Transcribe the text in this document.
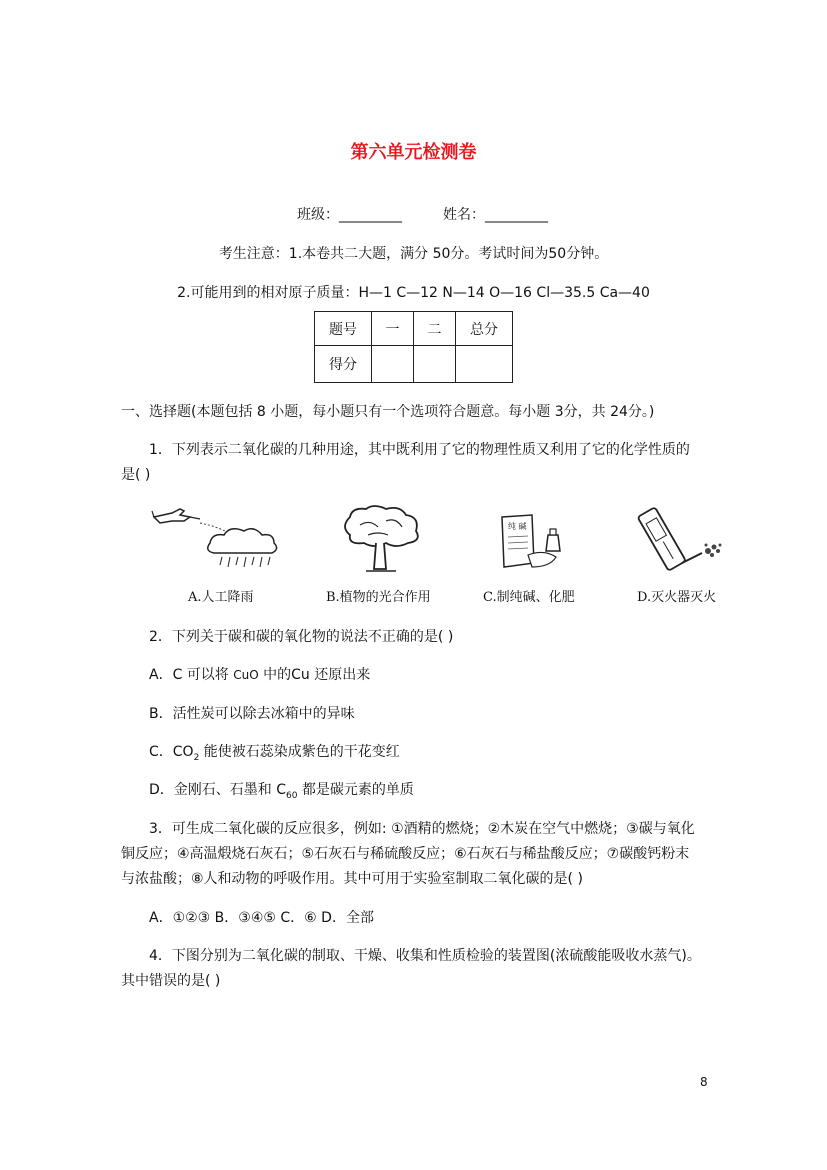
第六单元检测卷
班级：_________	姓名：_________
考生注意：1.本卷共二大题，满分 50分。考试时间为50分钟。
2.可能用到的相对原子质量：H—1 C—12 N—14 O—16 Cl—35.5 Ca—40
题号	一	二	总分
得分			
一、选择题(本题包括 8 小题，每小题只有一个选项符合题意。每小题 3分，共 24分。)
1．下列表示二氧化碳的几种用途，其中既利用了它的物理性质又利用了它的化学性质的
是( )
纯 碱
A.人工降雨	B.植物的光合作用	C.制纯碱、化肥	D.灭火器灭火
2．下列关于碳和碳的氧化物的说法不正确的是( )
A．C 可以将 CuO 中的Cu 还原出来
B．活性炭可以除去冰箱中的异味
C．$CO_2$ 能使被石蕊染成紫色的干花变红
D．金刚石、石墨和 $C_{60}$ 都是碳元素的单质
3．可生成二氧化碳的反应很多，例如: ①酒精的燃烧；②木炭在空气中燃烧；③碳与氧化
铜反应；④高温煅烧石灰石；⑤石灰石与稀硫酸反应；⑥石灰石与稀盐酸反应；⑦碳酸钙粉末
与浓盐酸；⑧人和动物的呼吸作用。其中可用于实验室制取二氧化碳的是( )
A．①②③ B．③④⑤ C．⑥ D．全部
4．下图分别为二氧化碳的制取、干燥、收集和性质检验的装置图(浓硫酸能吸收水蒸气)。
其中错误的是( )
8
